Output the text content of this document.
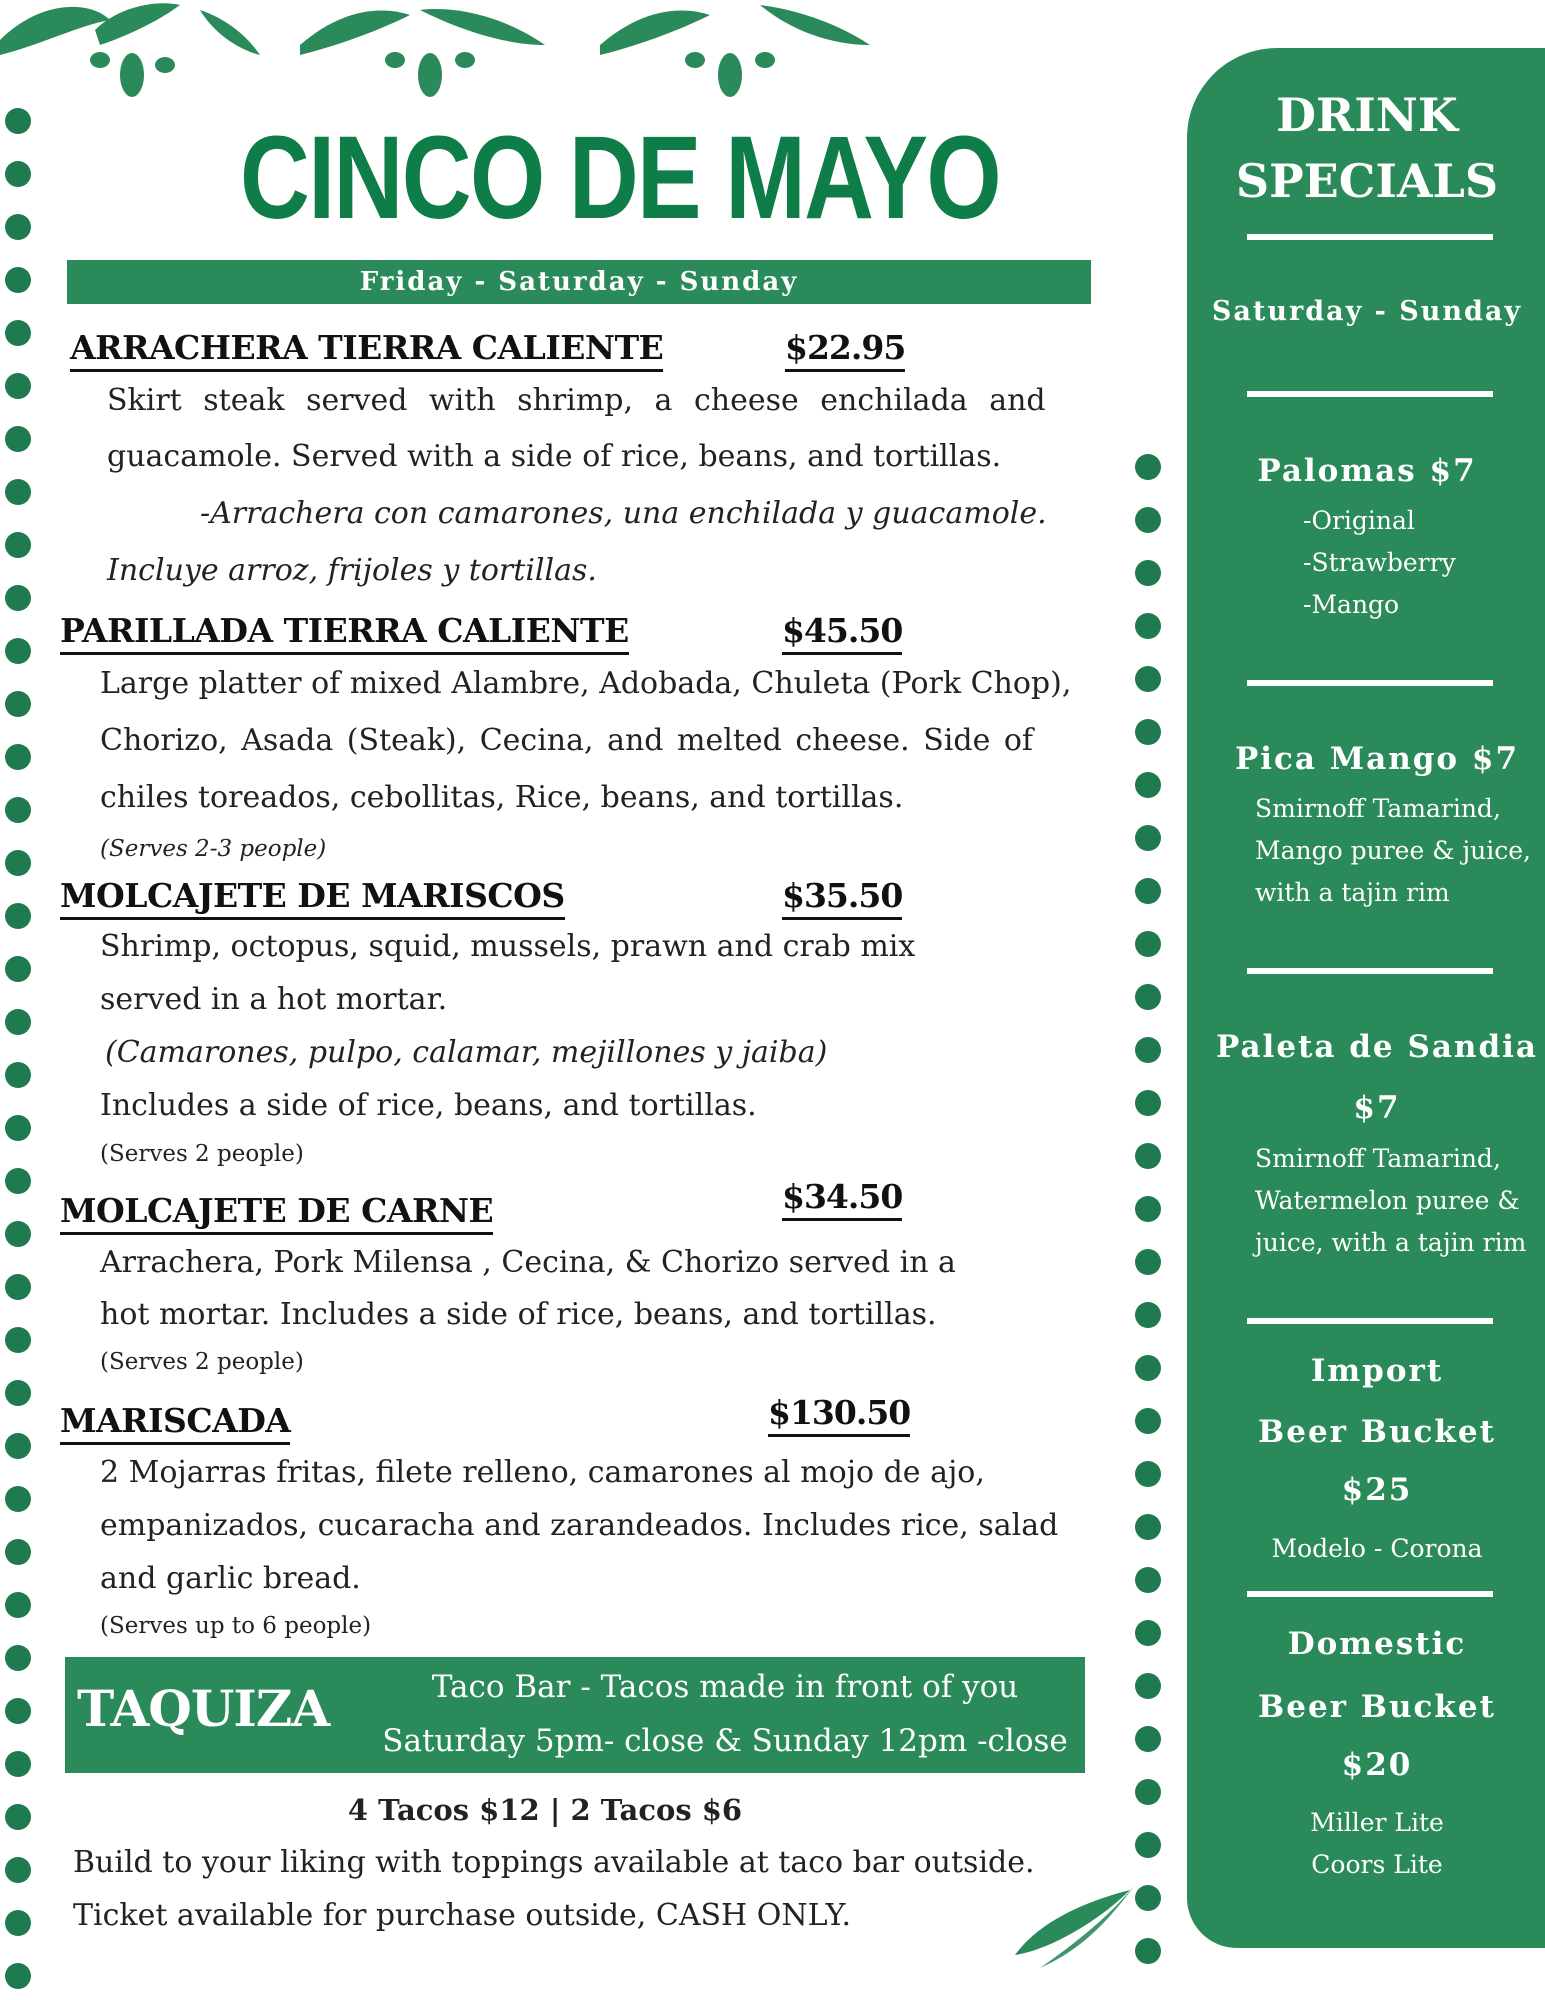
CINCO DE MAYO
Friday - Saturday - Sunday
ARRACHERA TIERRA CALIENTE	$22.95
Skirt steak served with shrimp, a cheese enchilada and
guacamole. Served with a side of rice, beans, and tortillas.
-Arrachera con camarones, una enchilada y guacamole.
Incluye arroz, frijoles y tortillas.
PARILLADA TIERRA CALIENTE	$45.50
Large platter of mixed Alambre, Adobada, Chuleta (Pork Chop),
Chorizo, Asada (Steak), Cecina, and melted cheese. Side of
chiles toreados, cebollitas, Rice, beans, and tortillas.
(Serves 2-3 people)
MOLCAJETE DE MARISCOS	$35.50
Shrimp, octopus, squid, mussels, prawn and crab mix
served in a hot mortar.
(Camarones, pulpo, calamar, mejillones y jaiba)
Includes a side of rice, beans, and tortillas.
(Serves 2 people)
MOLCAJETE DE CARNE	$34.50
Arrachera, Pork Milensa , Cecina, & Chorizo served in a
hot mortar. Includes a side of rice, beans, and tortillas.
(Serves 2 people)
MARISCADA	$130.50
2 Mojarras fritas, filete relleno, camarones al mojo de ajo,
empanizados, cucaracha and zarandeados. Includes rice, salad
and garlic bread.
(Serves up to 6 people)
TAQUIZA	Taco Bar - Tacos made in front of you
Saturday 5pm- close & Sunday 12pm -close
4 Tacos $12 | 2 Tacos $6
Build to your liking with toppings available at taco bar outside.
Ticket available for purchase outside, CASH ONLY.
DRINK
SPECIALS
Saturday - Sunday
Palomas $7
-Original
-Strawberry
-Mango
Pica Mango $7
Smirnoff Tamarind,
Mango puree & juice,
with a tajin rim
Paleta de Sandia
$7
Smirnoff Tamarind,
Watermelon puree &
juice, with a tajin rim
Import
Beer Bucket
$25
Modelo - Corona
Domestic
Beer Bucket
$20
Miller Lite
Coors Lite
